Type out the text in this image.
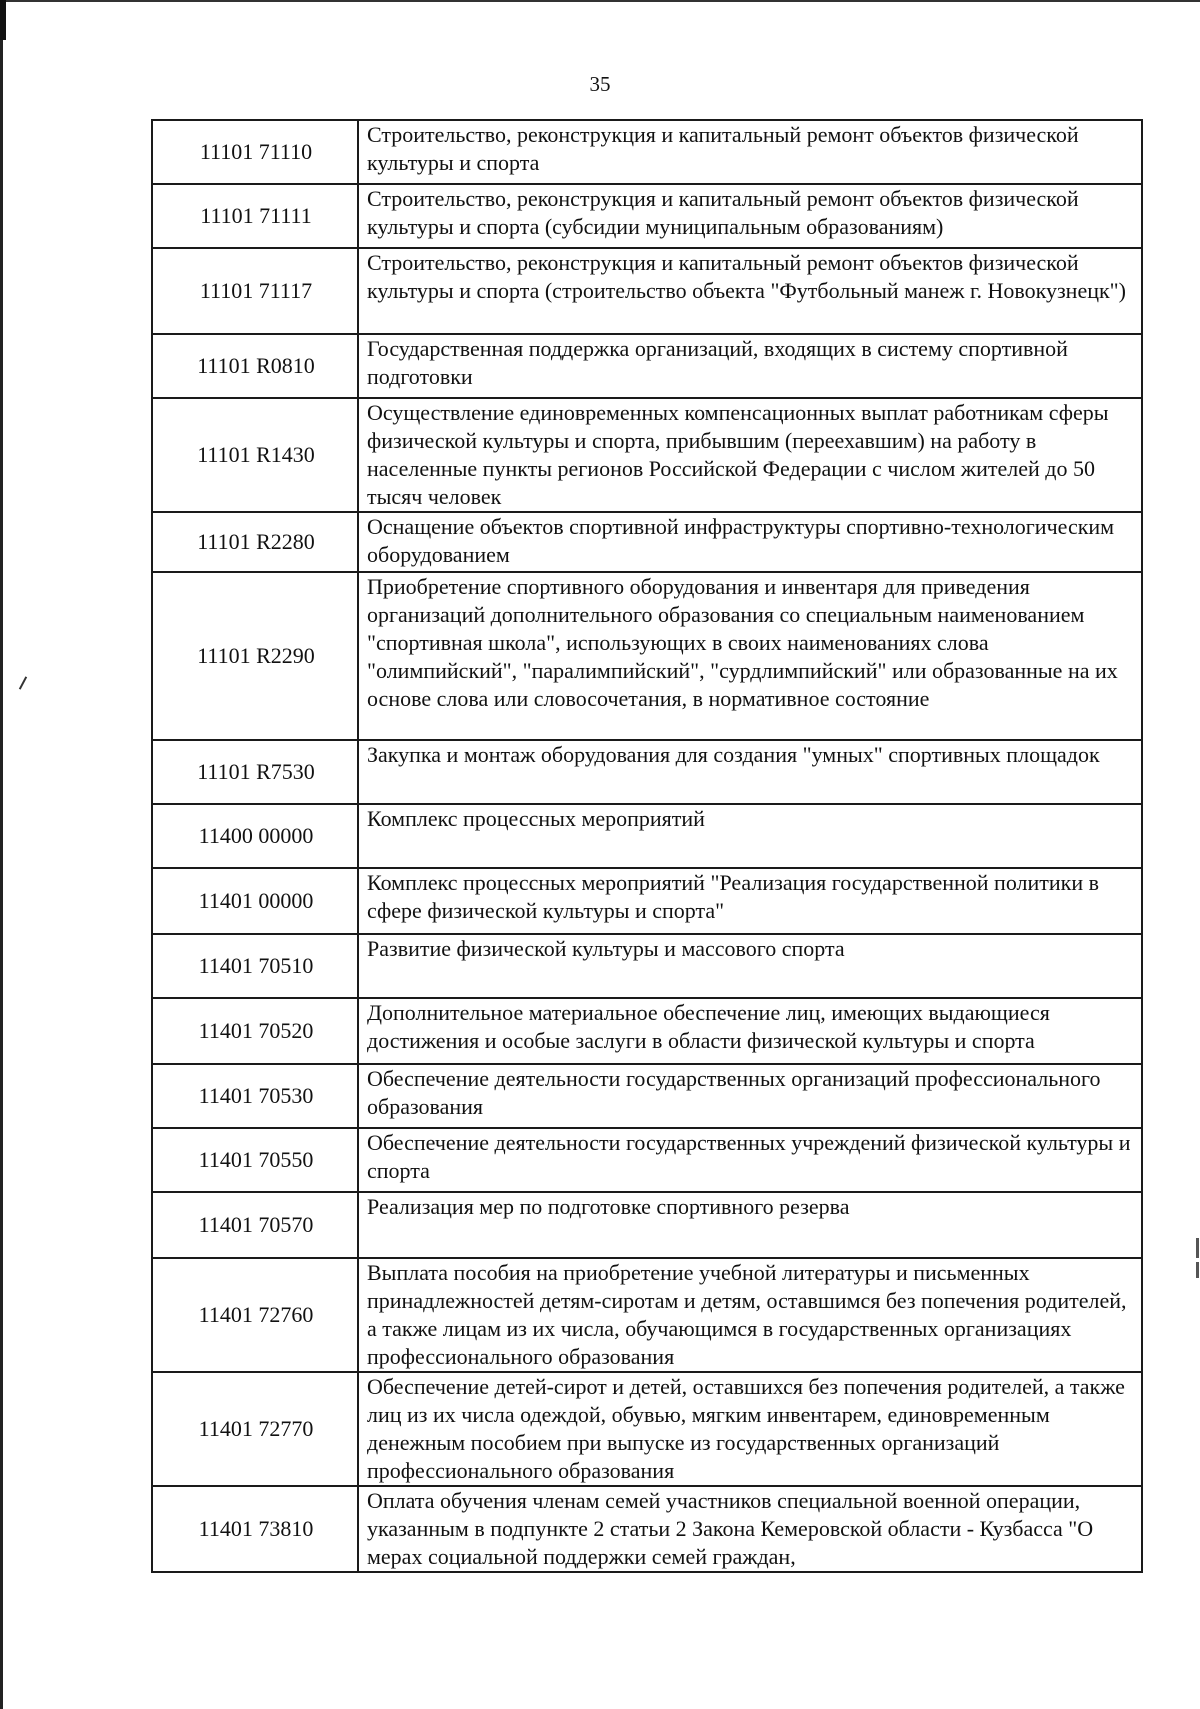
35
11101 71110	Строительство, реконструкция и капитальный ремонт объектов физической культуры и спорта
11101 71111	Строительство, реконструкция и капитальный ремонт объектов физической культуры и спорта (субсидии муниципальным образованиям)
11101 71117	Строительство, реконструкция и капитальный ремонт объектов физической культуры и спорта (строительство объекта "Футбольный манеж г. Новокузнецк")
11101 R0810	Государственная поддержка организаций, входящих в систему спортивной подготовки
11101 R1430	Осуществление единовременных компенсационных выплат работникам сферы физической культуры и спорта, прибывшим (переехавшим) на работу в населенные пункты регионов Российской Федерации с числом жителей до 50 тысяч человек
11101 R2280	Оснащение объектов спортивной инфраструктуры спортивно-технологическим оборудованием
11101 R2290	Приобретение спортивного оборудования и инвентаря для приведения организаций дополнительного образования со специальным наименованием "спортивная школа", использующих в своих наименованиях слова "олимпийский", "паралимпийский", "сурдлимпийский" или образованные на их основе слова или словосочетания, в нормативное состояние
11101 R7530	Закупка и монтаж оборудования для создания "умных" спортивных площадок
11400 00000	Комплекс процессных мероприятий
11401 00000	Комплекс процессных мероприятий "Реализация государственной политики в сфере физической культуры и спорта"
11401 70510	Развитие физической культуры и массового спорта
11401 70520	Дополнительное материальное обеспечение лиц, имеющих выдающиеся достижения и особые заслуги в области физической культуры и спорта
11401 70530	Обеспечение деятельности государственных организаций профессионального образования
11401 70550	Обеспечение деятельности государственных учреждений физической культуры и спорта
11401 70570	Реализация мер по подготовке спортивного резерва
11401 72760	Выплата пособия на приобретение учебной литературы и письменных принадлежностей детям-сиротам и детям, оставшимся без попечения родителей, а также лицам из их числа, обучающимся в государственных организациях профессионального образования
11401 72770	Обеспечение детей-сирот и детей, оставшихся без попечения родителей, а также лиц из их числа одеждой, обувью, мягким инвентарем, единовременным денежным пособием при выпуске из государственных организаций профессионального образования
11401 73810	Оплата обучения членам семей участников специальной военной операции, указанным в подпункте 2 статьи 2 Закона Кемеровской области - Кузбасса "О мерах социальной поддержки семей граждан,
